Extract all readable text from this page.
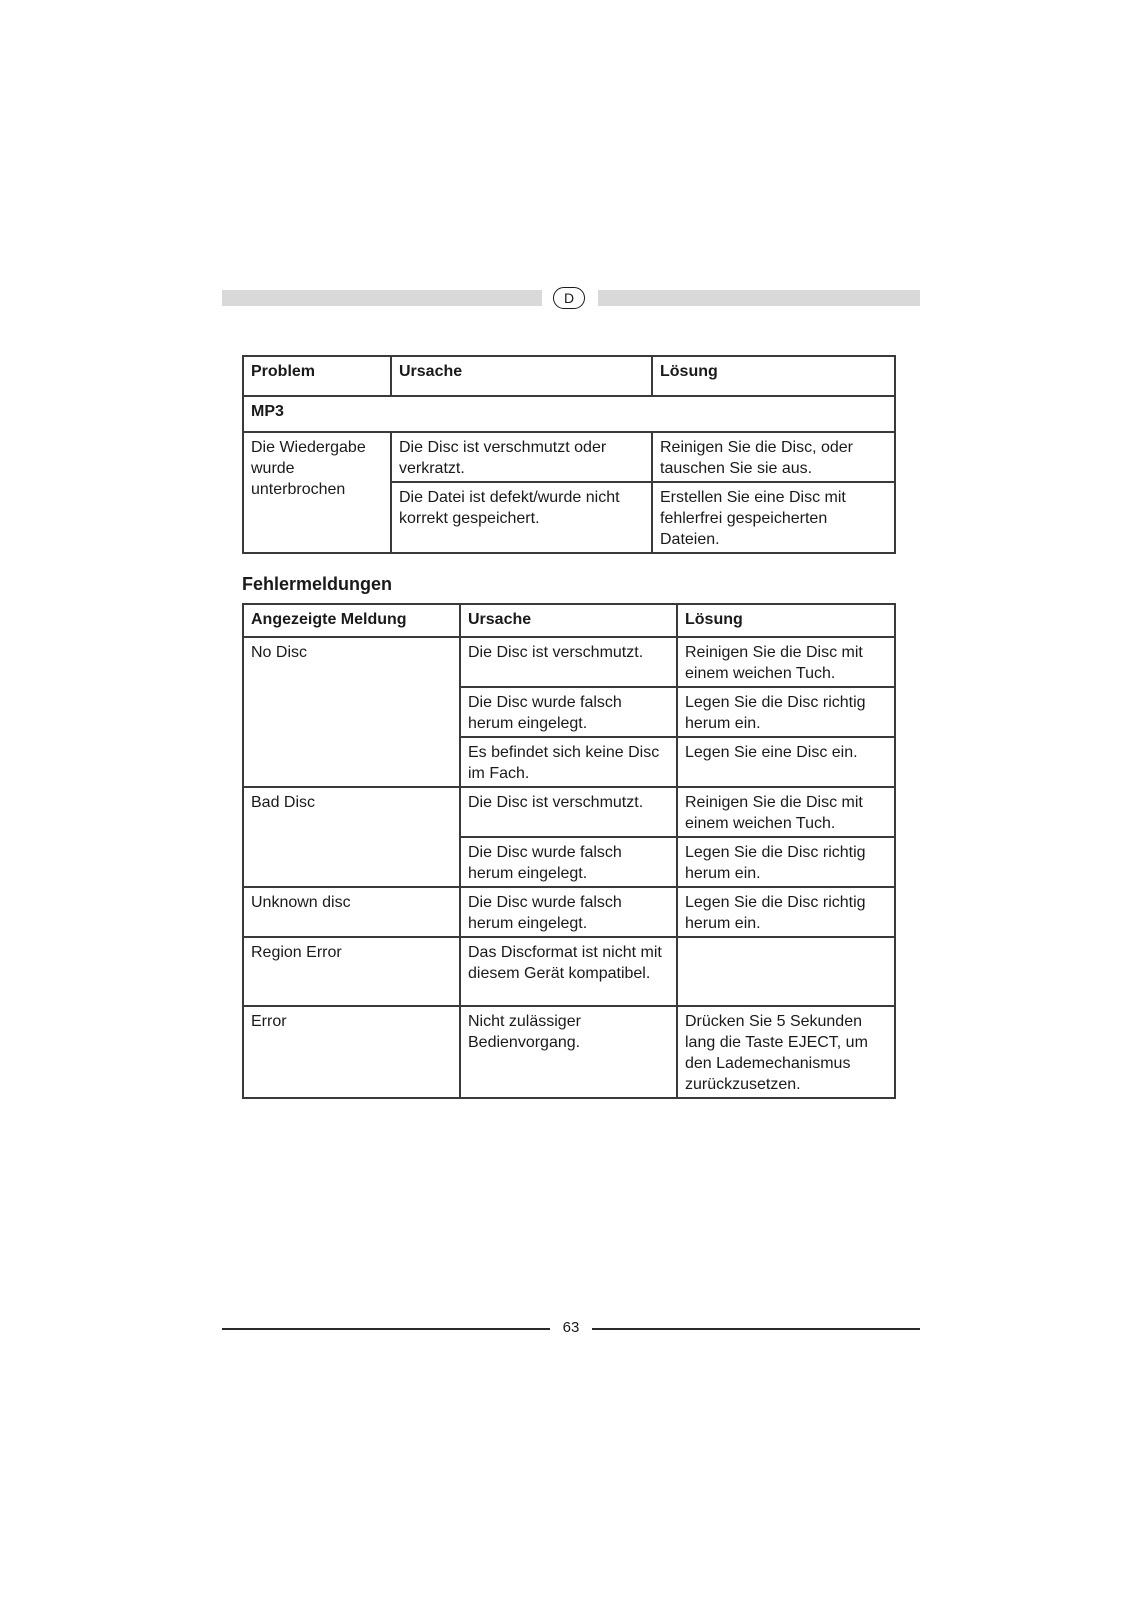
D
Problem	Ursache	Lösung
MP3		
Die Wiedergabe wurde unterbrochen	Die Disc ist verschmutzt oder verkratzt.	Reinigen Sie die Disc, oder tauschen Sie sie aus.
	Die Datei ist defekt/wurde nicht korrekt gespeichert.	Erstellen Sie eine Disc mit fehlerfrei gespeicherten Dateien.
Fehlermeldungen
Angezeigte Meldung	Ursache	Lösung
No Disc	Die Disc ist verschmutzt.	Reinigen Sie die Disc mit einem weichen Tuch.
	Die Disc wurde falsch herum eingelegt.	Legen Sie die Disc richtig herum ein.
	Es befindet sich keine Disc im Fach.	Legen Sie eine Disc ein.
Bad Disc	Die Disc ist verschmutzt.	Reinigen Sie die Disc mit einem weichen Tuch.
	Die Disc wurde falsch herum eingelegt.	Legen Sie die Disc richtig herum ein.
Unknown disc	Die Disc wurde falsch herum eingelegt.	Legen Sie die Disc richtig herum ein.
Region Error	Das Discformat ist nicht mit diesem Gerät kompatibel.	
Error	Nicht zulässiger Bedienvorgang.	Drücken Sie 5 Sekunden lang die Taste EJECT, um den Lademechanismus zurückzusetzen.
63
